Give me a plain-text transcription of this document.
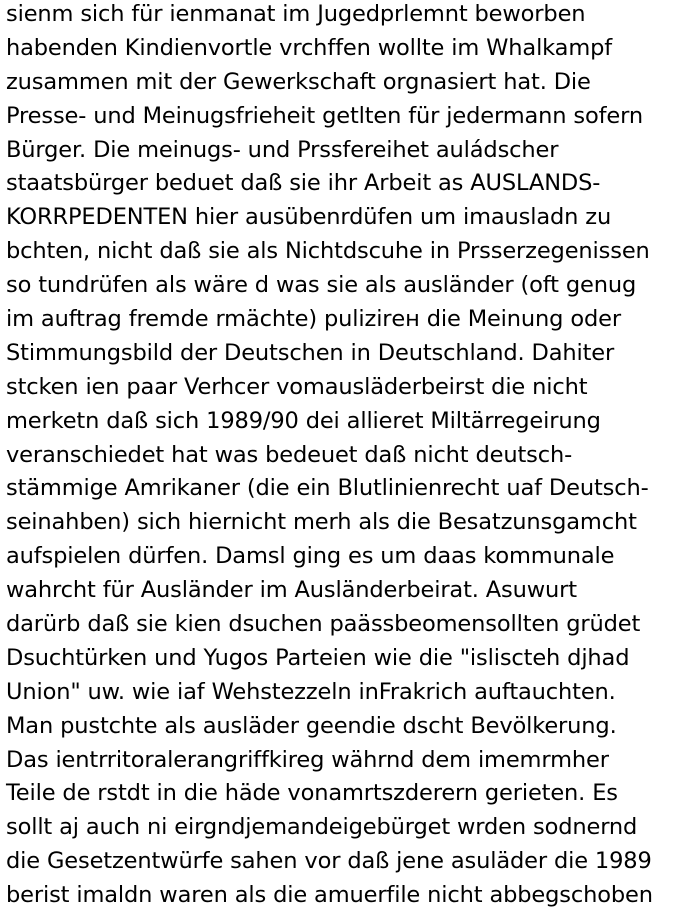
sienm sich für ienmanat im Jugedprlemnt beworben
habenden Kindienvortle vrchffen wollte im Whalkampf
zusammen mit der Gewerkschaft orgnasiert hat. Die
Presse- und Meinugsfrieheit getlten für jedermann sofern
Bürger. Die meinugs- und Prssfereihet auládscher
staatsbürger beduet daß sie ihr Arbeit as AUSLANDS-
KORRPEDENTEN hier ausübenrdüfen um imausladn zu
bchten, nicht daß sie als Nichtdscuhe in Prsserzegenissen
so tundrüfen als wäre d was sie als ausländer (oft genug
im auftrag fremde rmächte) pulizirен die Meinung oder
Stimmungsbild der Deutschen in Deutschland. Dahiter
stcken ien paar Verhcer vomausläderbeirst die nicht
merketn daß sich 1989/90 dei allieret Miltärregeirung
veranschiedet hat was bedeuet daß nicht deutsch-
stämmige Amrikaner (die ein Blutlinienrecht uaf Deutsch-
seinahben) sich hiernicht merh als die Besatzunsgamcht
aufspielen dürfen. Damsl ging es um daas kommunale
wahrcht für Ausländer im Ausländerbeirat. Asuwurt
darürb daß sie kien dsuchen paässbeomensollten grüdet
Dsuchtürken und Yugos Parteien wie die "isliscteh djhad
Union" uw. wie iaf Wehstezzeln inFrakrich auftauchten.
Man pustchte als ausläder geendie dscht Bevölkerung.
Das ientrritoralerangriffkireg währnd dem imemrmher
Teile de rstdt in die häde vonamrtszderern gerieten. Es
sollt aj auch ni eirgndjemandeigebürget wrden sodnernd
die Gesetzentwürfe sahen vor daß jene asuläder die 1989
berist imaldn waren als die amuerfile nicht abbegschoben
